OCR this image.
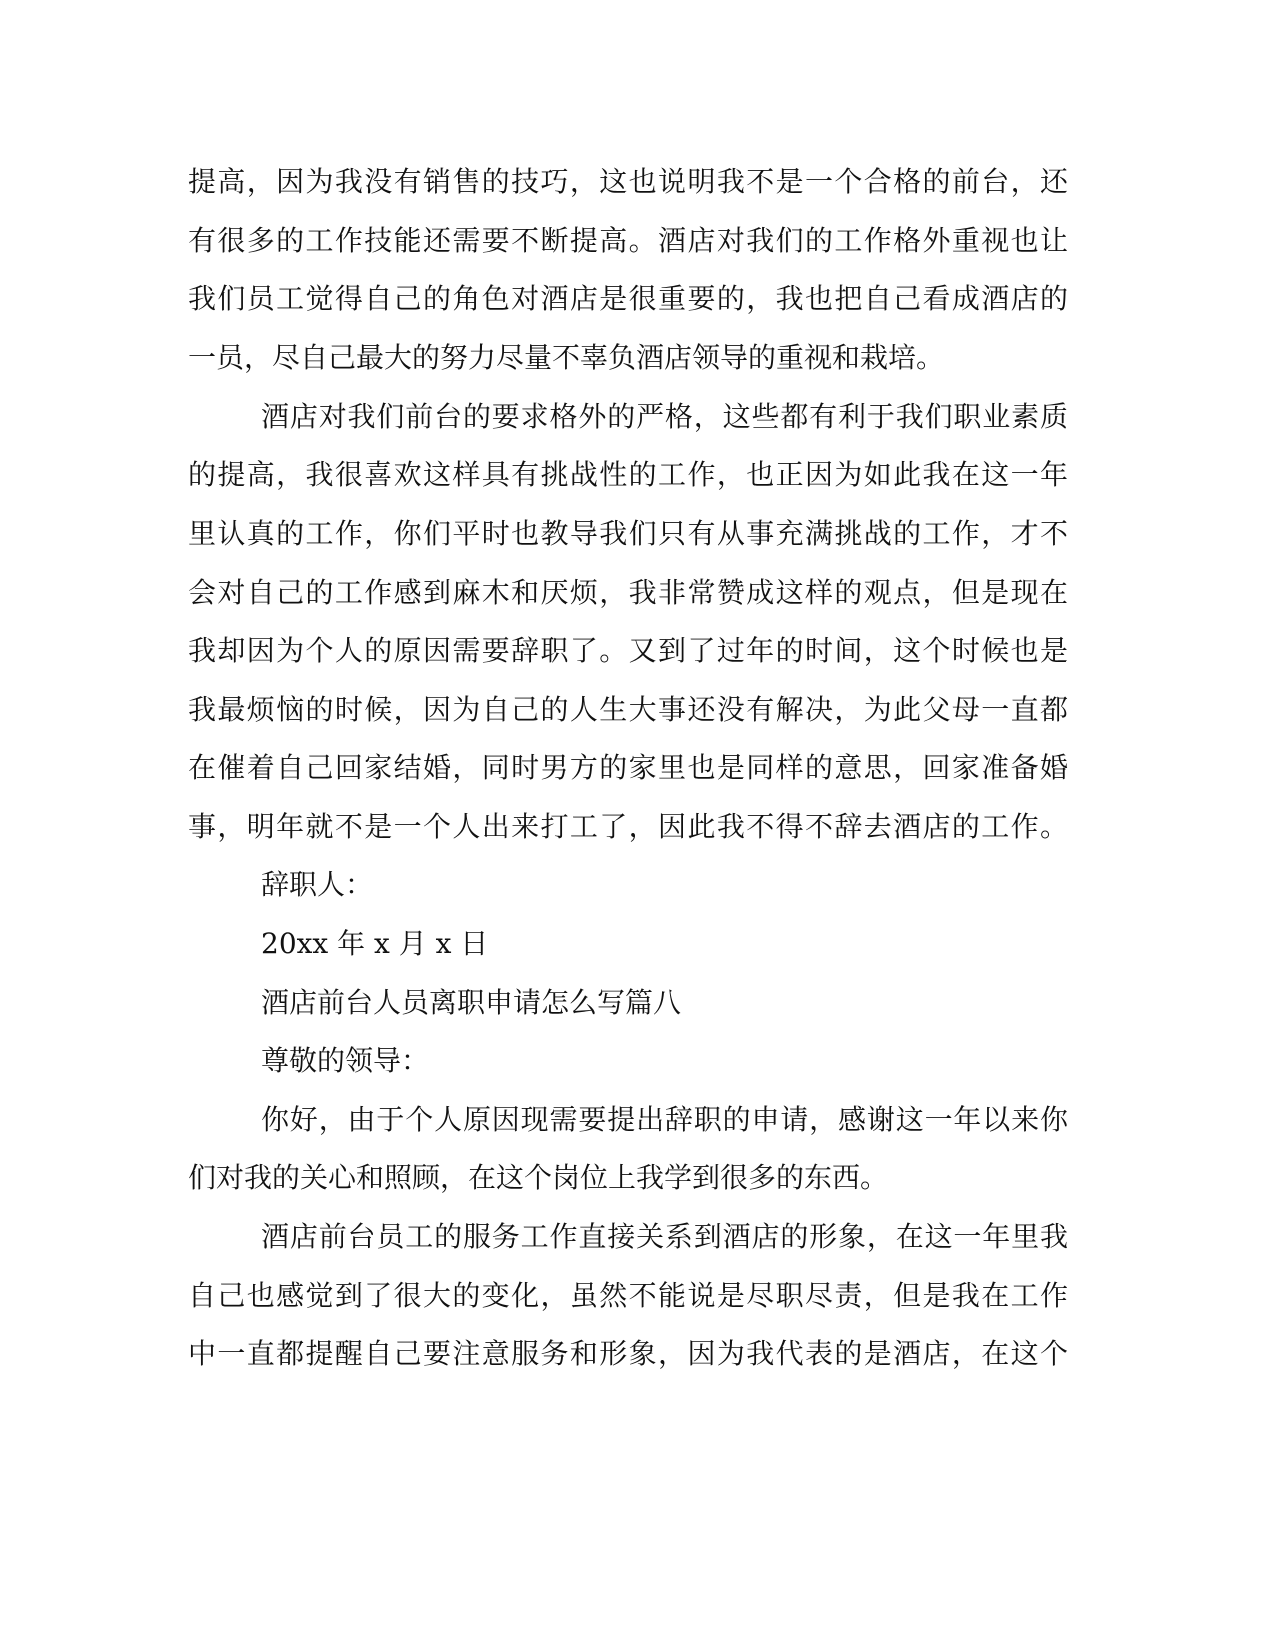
提高，因为我没有销售的技巧，这也说明我不是一个合格的前台，还
有很多的工作技能还需要不断提高。酒店对我们的工作格外重视也让
我们员工觉得自己的角色对酒店是很重要的，我也把自己看成酒店的
一员，尽自己最大的努力尽量不辜负酒店领导的重视和栽培。
酒店对我们前台的要求格外的严格，这些都有利于我们职业素质
的提高，我很喜欢这样具有挑战性的工作，也正因为如此我在这一年
里认真的工作，你们平时也教导我们只有从事充满挑战的工作，才不
会对自己的工作感到麻木和厌烦，我非常赞成这样的观点，但是现在
我却因为个人的原因需要辞职了。又到了过年的时间，这个时候也是
我最烦恼的时候，因为自己的人生大事还没有解决，为此父母一直都
在催着自己回家结婚，同时男方的家里也是同样的意思，回家准备婚
事，明年就不是一个人出来打工了，因此我不得不辞去酒店的工作。
辞职人：
20xx 年 x 月 x 日
酒店前台人员离职申请怎么写篇八
尊敬的领导：
你好，由于个人原因现需要提出辞职的申请，感谢这一年以来你
们对我的关心和照顾，在这个岗位上我学到很多的东西。
酒店前台员工的服务工作直接关系到酒店的形象，在这一年里我
自己也感觉到了很大的变化，虽然不能说是尽职尽责，但是我在工作
中一直都提醒自己要注意服务和形象，因为我代表的是酒店，在这个
